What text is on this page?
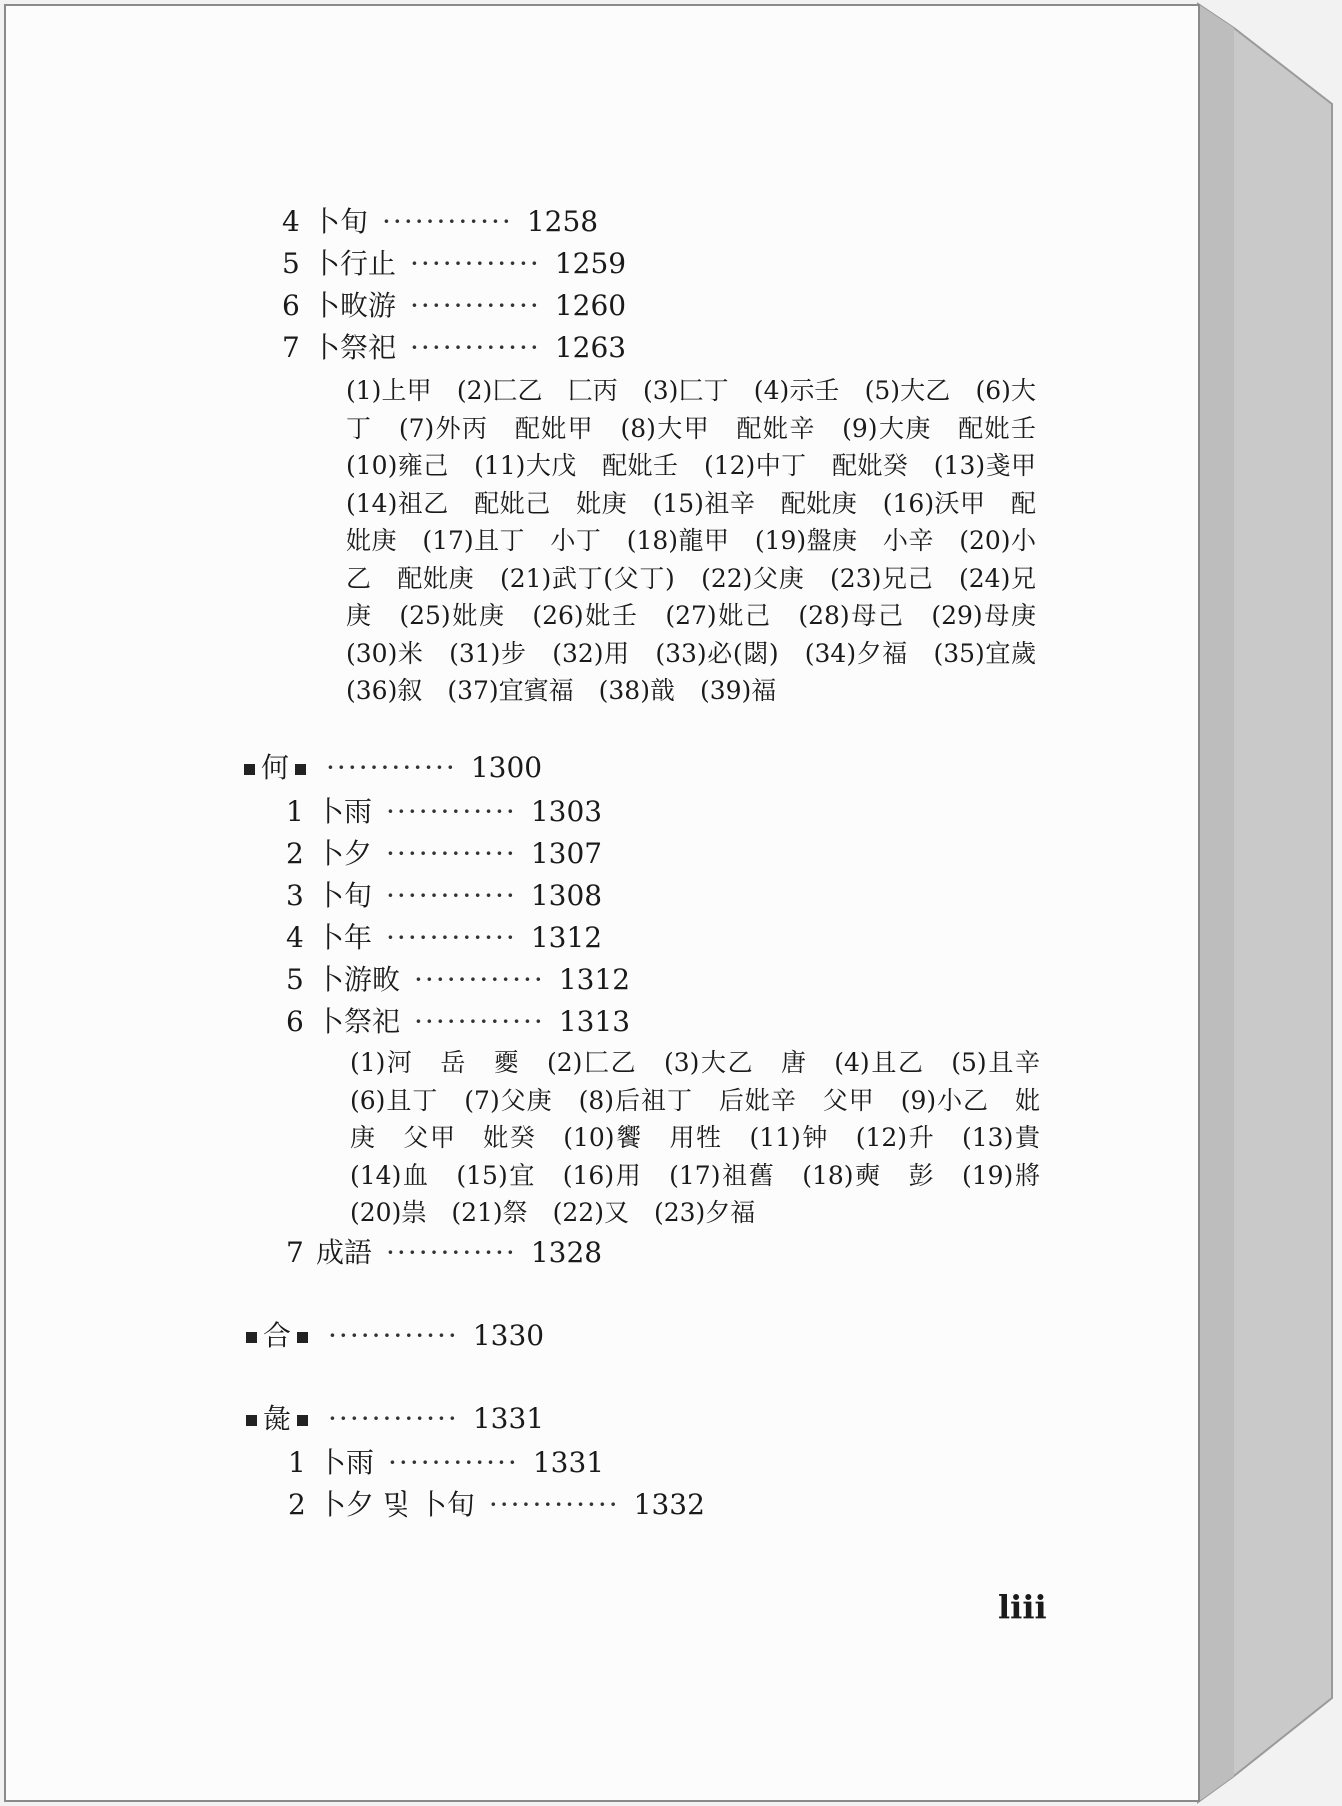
4 卜旬 ············ 1258
5 卜行止 ············ 1259
6 卜畋游 ············ 1260
7 卜祭祀 ············ 1263
(1)上甲　(2)匚乙　匚丙　(3)匚丁　(4)示壬　(5)大乙　(6)大丁　(7)外丙　配妣甲　(8)大甲　配妣辛　(9)大庚　配妣壬　(10)雍己　(11)大戊　配妣壬　(12)中丁　配妣癸　(13)戔甲　(14)祖乙　配妣己　妣庚　(15)祖辛　配妣庚　(16)沃甲　配妣庚　(17)且丁　小丁　(18)龍甲　(19)盤庚　小辛　(20)小乙　配妣庚　(21)武丁(父丁)　(22)父庚　(23)兄己　(24)兄庚　(25)妣庚　(26)妣壬　(27)妣己　(28)母己　(29)母庚　(30)米　(31)步　(32)用　(33)必(閟)　(34)夕福　(35)宜歲　(36)叙　(37)宜賓福　(38)戠　(39)福
何 ············ 1300
1 卜雨 ············ 1303
2 卜夕 ············ 1307
3 卜旬 ············ 1308
4 卜年 ············ 1312
5 卜游畋 ············ 1312
6 卜祭祀 ············ 1313
(1)河　岳　夒　(2)匚乙　(3)大乙　唐　(4)且乙　(5)且辛　(6)且丁　(7)父庚　(8)后祖丁　后妣辛　父甲　(9)小乙　妣庚　父甲　妣癸　(10)饗　用牲　(11)钟　(12)升　(13)貴　(14)血　(15)宜　(16)用　(17)祖舊　(18)奭　彭　(19)將　(20)祟　(21)祭　(22)又　(23)夕福
7 成語 ············ 1328
合 ············ 1330
彘 ············ 1331
1 卜雨 ············ 1331
2 卜夕 및 卜旬 ············ 1332
liii
